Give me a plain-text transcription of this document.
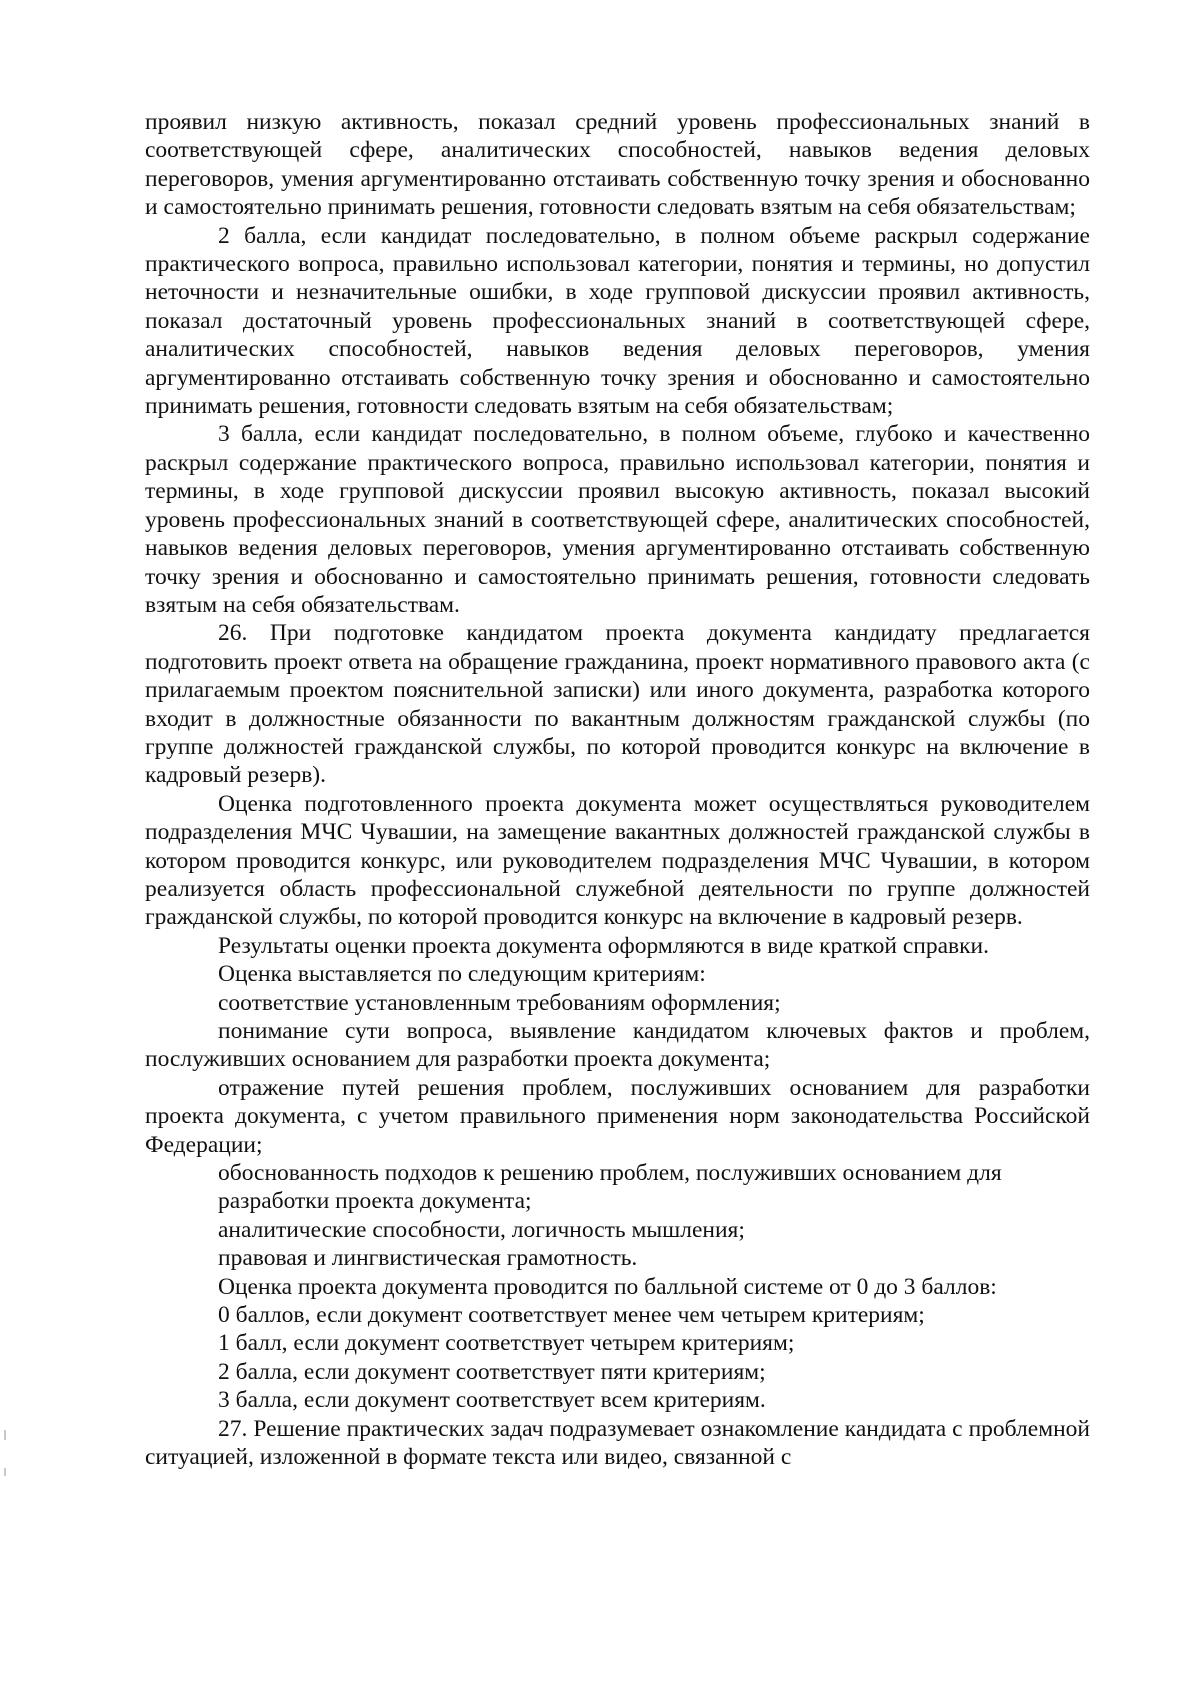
проявил низкую активность, показал средний уровень профессиональных знаний в соответствующей сфере, аналитических способностей, навыков ведения деловых переговоров, умения аргументированно отстаивать собственную точку зрения и обоснованно и самостоятельно принимать решения, готовности следовать взятым на себя обязательствам;

2 балла, если кандидат последовательно, в полном объеме раскрыл содержание практического вопроса, правильно использовал категории, понятия и термины, но допустил неточности и незначительные ошибки, в ходе групповой дискуссии проявил активность, показал достаточный уровень профессиональных знаний в соответствующей сфере, аналитических способностей, навыков ведения деловых переговоров, умения аргументированно отстаивать собственную точку зрения и обоснованно и самостоятельно принимать решения, готовности следовать взятым на себя обязательствам;

3 балла, если кандидат последовательно, в полном объеме, глубоко и качественно раскрыл содержание практического вопроса, правильно использовал категории, понятия и термины, в ходе групповой дискуссии проявил высокую активность, показал высокий уровень профессиональных знаний в соответствующей сфере, аналитических способностей, навыков ведения деловых переговоров, умения аргументированно отстаивать собственную точку зрения и обоснованно и самостоятельно принимать решения, готовности следовать взятым на себя обязательствам.

26. При подготовке кандидатом проекта документа кандидату предлагается подготовить проект ответа на обращение гражданина, проект нормативного правового акта (с прилагаемым проектом пояснительной записки) или иного документа, разработка которого входит в должностные обязанности по вакантным должностям гражданской службы (по группе должностей гражданской службы, по которой проводится конкурс на включение в кадровый резерв).

Оценка подготовленного проекта документа может осуществляться руководителем подразделения МЧС Чувашии, на замещение вакантных должностей гражданской службы в котором проводится конкурс, или руководителем подразделения МЧС Чувашии, в котором реализуется область профессиональной служебной деятельности по группе должностей гражданской службы, по которой проводится конкурс на включение в кадровый резерв.

Результаты оценки проекта документа оформляются в виде краткой справки.

Оценка выставляется по следующим критериям:

соответствие установленным требованиям оформления;

понимание сути вопроса, выявление кандидатом ключевых фактов и проблем, послуживших основанием для разработки проекта документа;

отражение путей решения проблем, послуживших основанием для разработки проекта документа, с учетом правильного применения норм законодательства Российской Федерации;

обоснованность подходов к решению проблем, послуживших основанием для разработки проекта документа;

аналитические способности, логичность мышления;

правовая и лингвистическая грамотность.

Оценка проекта документа проводится по балльной системе от 0 до 3 баллов:

0 баллов, если документ соответствует менее чем четырем критериям;

1 балл, если документ соответствует четырем критериям;

2 балла, если документ соответствует пяти критериям;

3 балла, если документ соответствует всем критериям.

27. Решение практических задач подразумевает ознакомление кандидата с проблемной ситуацией, изложенной в формате текста или видео, связанной с
